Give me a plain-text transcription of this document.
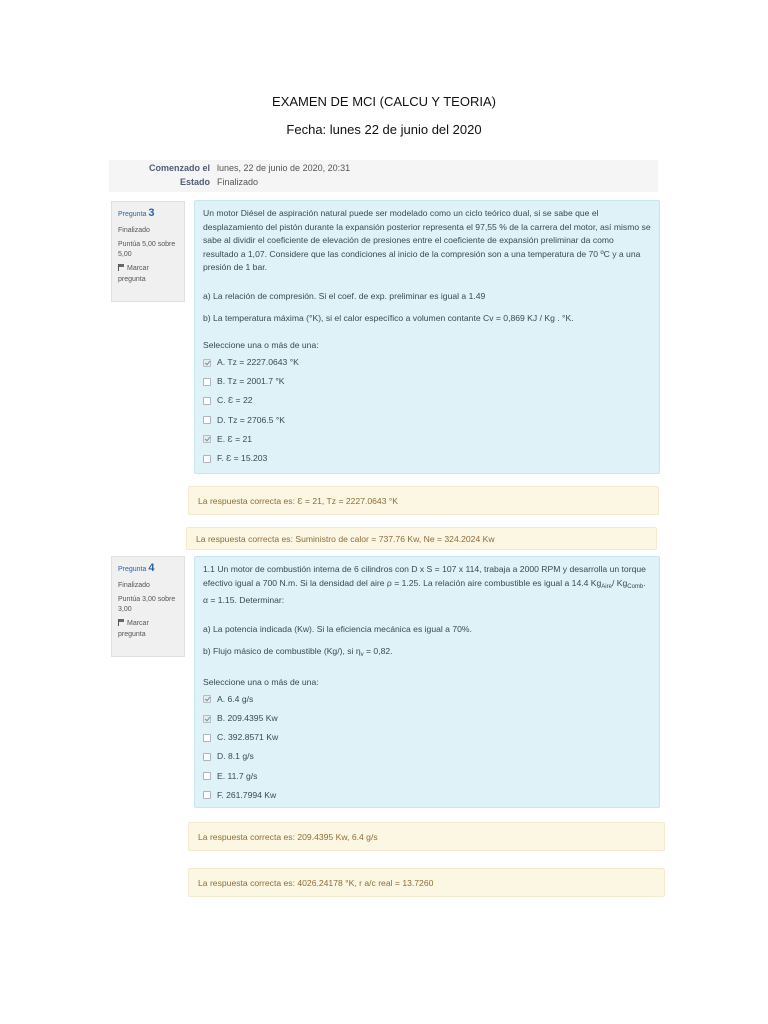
EXAMEN DE MCI (CALCU Y TEORIA)
Fecha: lunes 22 de junio del 2020
Comenzado el lunes, 22 de junio de 2020, 20:31
Estado Finalizado
Pregunta 3
Finalizado
Puntúa 5,00 sobre 5,00
Marcar pregunta

Un motor Diésel de aspiración natural puede ser modelado como un ciclo teórico dual, si se sabe que el desplazamiento del pistón durante la expansión posterior representa el 97,55 % de la carrera del motor, así mismo se sabe al dividir el coeficiente de elevación de presiones entre el coeficiente de expansión preliminar da como resultado a 1,07. Considere que las condiciones al inicio de la compresión son a una temperatura de 70 ºC y a una presión de 1 bar.

a) La relación de compresión. Si el coef. de exp. preliminar es igual a 1.49

b) La temperatura máxima (°K), si el calor específico a volumen contante Cv = 0,869 KJ / Kg . °K.

Seleccione una o más de una:
A. Tz = 2227.0643 °K
B. Tz = 2001.7 °K
C. Ɛ = 22
D. Tz = 2706.5 °K
E. Ɛ = 21
F. Ɛ = 15.203
La respuesta correcta es: Ɛ = 21, Tz = 2227.0643 °K
La respuesta correcta es: Suministro de calor = 737.76 Kw, Ne = 324.2024 Kw
Pregunta 4
Finalizado
Puntúa 3,00 sobre 3,00
Marcar pregunta

1.1 Un motor de combustión interna de 6 cilindros con D x S = 107 x 114, trabaja a 2000 RPM y desarrolla un torque efectivo igual a 700 N.m. Si la densidad del aire ρ = 1.25. La relación aire combustible es igual a 14.4 $Kg_{Aire}/$ $Kg_{Comb}$. α = 1.15. Determinar:

a) La potencia indicada (Kw). Si la eficiencia mecánica es igual a 70%.

b) Flujo másico de combustible (Kg/), si $\eta_v = 0,82$.

Seleccione una o más de una:
A. 6.4 g/s
B. 209.4395 Kw
C. 392.8571 Kw
D. 8.1 g/s
E. 11.7 g/s
F. 261.7994 Kw
La respuesta correcta es: 209.4395 Kw, 6.4 g/s
La respuesta correcta es: 4026.24178 °K, r a/c real = 13.7260
